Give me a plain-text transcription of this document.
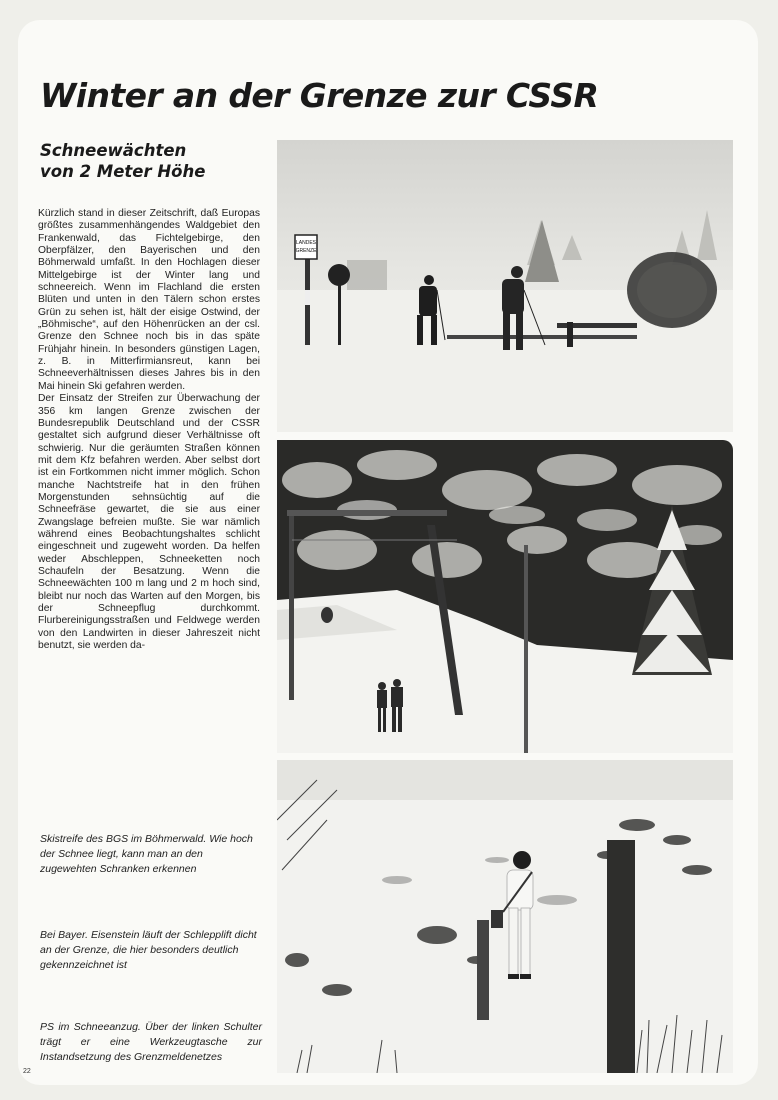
Winter an der Grenze zur CSSR
Schneewächten
von 2 Meter Höhe

Kürzlich stand in dieser Zeitschrift, daß Europas größtes zusammenhängendes Waldgebiet den Frankenwald, das Fichtelgebirge, den Oberpfälzer, den Bayerischen und den Böhmerwald umfaßt. In den Hochlagen dieser Mittelgebirge ist der Winter lang und schneereich. Wenn im Flachland die ersten Blüten und unten in den Tälern schon erstes Grün zu sehen ist, hält der eisige Ostwind, der „Böhmische“, auf den Höhenrücken an der csl. Grenze den Schnee noch bis in das späte Frühjahr hinein. In besonders günstigen Lagen, z. B. in Mitterfirmiansreut, kann bei Schneeverhältnissen dieses Jahres bis in den Mai hinein Ski gefahren werden.

Der Einsatz der Streifen zur Überwachung der 356 km langen Grenze zwischen der Bundesrepublik Deutschland und der CSSR gestaltet sich aufgrund dieser Verhältnisse oft schwierig. Nur die geräumten Straßen können mit dem Kfz befahren werden. Aber selbst dort ist ein Fortkommen nicht immer möglich. Schon manche Nachtstreife hat in den frühen Morgenstunden sehnsüchtig auf die Schneefräse gewartet, die sie aus einer Zwangslage befreien mußte. Sie war nämlich während eines Beobachtungshaltes schlicht eingeschneit und zugeweht worden. Da helfen weder Abschleppen, Schneeketten noch Schaufeln der Besatzung. Wenn die Schneewächten 100 m lang und 2 m hoch sind, bleibt nur noch das Warten auf den Morgen, bis der Schneepflug durchkommt. Flurbereinigungsstraßen und Feldwege werden von den Landwirten in dieser Jahreszeit nicht benutzt, sie werden da-

Skistreife des BGS im Böhmerwald. Wie hoch der Schnee liegt, kann man an den zugewehten Schranken erkennen

Bei Bayer. Eisenstein läuft der Schlepplift dicht an der Grenze, die hier besonders deutlich gekennzeichnet ist

PS im Schneeanzug. Über der linken Schulter trägt er eine Werkzeugtasche zur Instandsetzung des Grenzmeldenetzes

22
LANDES
GRENZE
